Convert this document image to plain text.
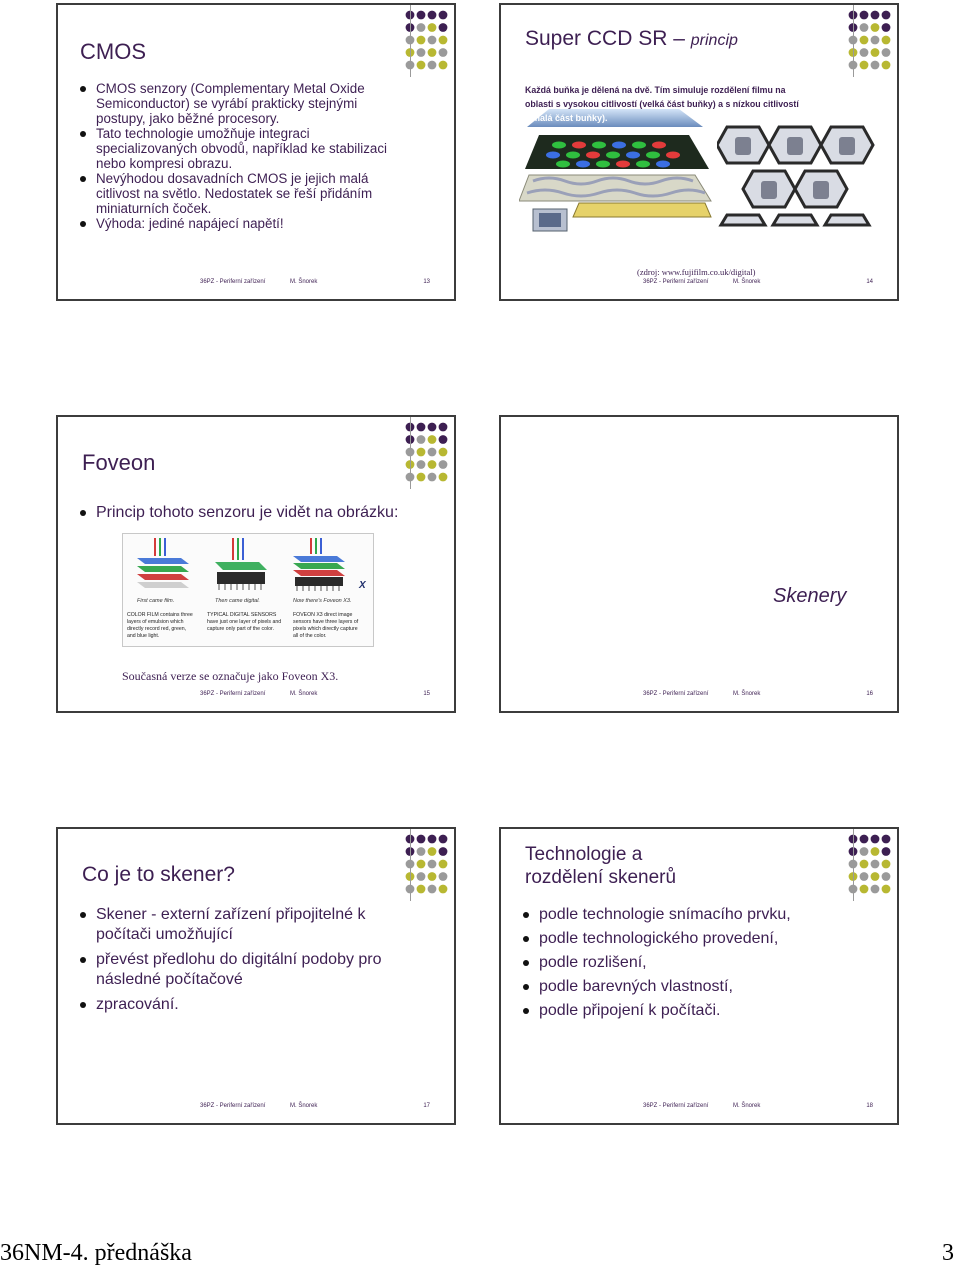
CMOS
CMOS senzory (Complementary Metal Oxide Semiconductor) se vyrábí prakticky stejnými postupy, jako běžné procesory.
Tato technologie umožňuje integraci specializovaných obvodů, například ke stabilizaci nebo kompresi obrazu.
Nevýhodou dosavadních CMOS je jejich malá citlivost na světlo. Nedostatek se řeší přidáním miniaturních čoček.
Výhoda: jediné napájecí napětí!
36PZ - Periferní zařízení	M. Šnorek	13
Super CCD SR – princip
Každá buňka je dělená na dvě. Tím simuluje rozdělení filmu na
oblasti s vysokou citlivostí (velká část buňky) a s nízkou citlivostí
(malá část buňky).
(zdroj: www.fujifilm.co.uk/digital)
36PZ - Periferní zařízení	M. Šnorek	14
Foveon
Princip tohoto senzoru je vidět na obrázku:
X
First came film.	Then came digital.	Now there's Foveon X3.
COLOR FILM contains three
layers of emulsion which
directly record red, green,
and blue light.
TYPICAL DIGITAL SENSORS
have just one layer of pixels and
capture only part of the color.
FOVEON X3 direct image
sensors have three layers of
pixels which directly capture
all of the color.
Současná verze se označuje jako Foveon X3.
36PZ - Periferní zařízení	M. Šnorek	15
Skenery
36PZ - Periferní zařízení	M. Šnorek	16
Co je to skener?
Skener - externí zařízení připojitelné k počítači umožňující
převést předlohu do digitální podoby pro následné počítačové
zpracování.
36PZ - Periferní zařízení	M. Šnorek	17
Technologie a
rozdělení skenerů
podle technologie snímacího prvku,
podle technologického provedení,
podle rozlišení,
podle barevných vlastností,
podle připojení k počítači.
36PZ - Periferní zařízení	M. Šnorek	18
36NM-4. přednáška	3
